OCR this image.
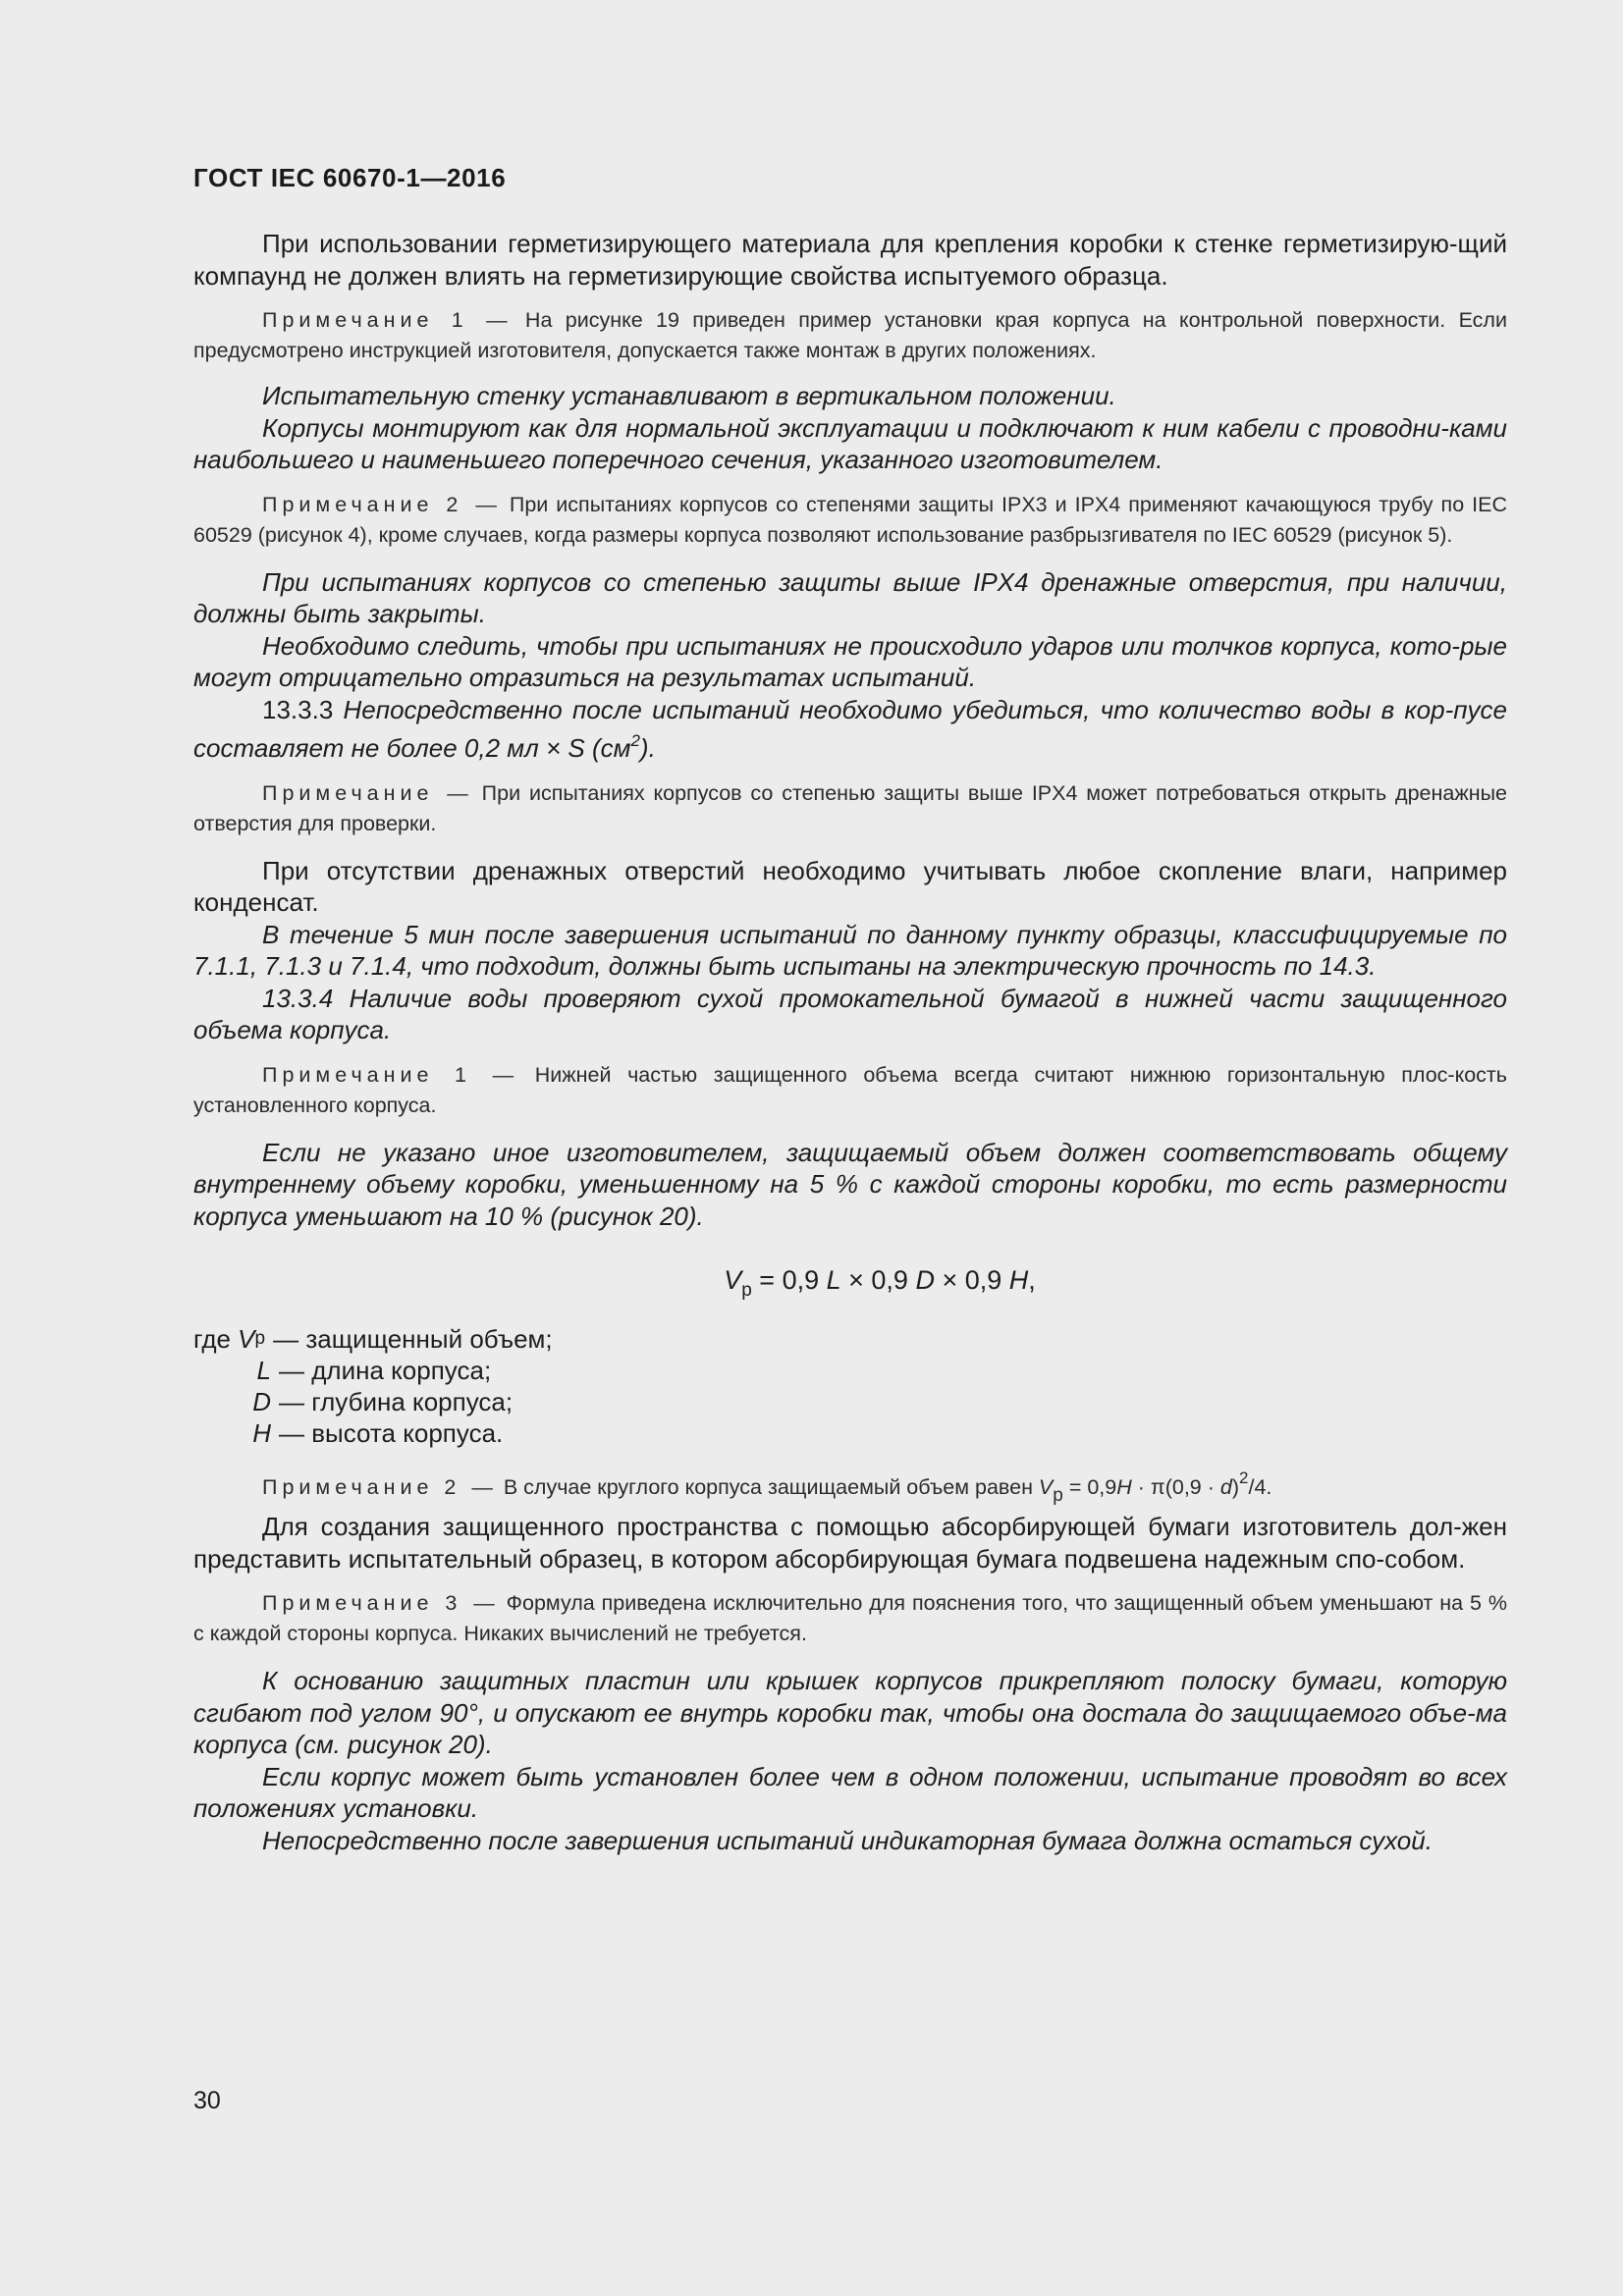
ГОСТ IEC 60670-1—2016

При использовании герметизирующего материала для крепления коробки к стенке герметизирую-щий компаунд не должен влиять на герметизирующие свойства испытуемого образца.

Примечание 1 — На рисунке 19 приведен пример установки края корпуса на контрольной поверхности. Если предусмотрено инструкцией изготовителя, допускается также монтаж в других положениях.

Испытательную стенку устанавливают в вертикальном положении.

Корпусы монтируют как для нормальной эксплуатации и подключают к ним кабели с проводни-ками наибольшего и наименьшего поперечного сечения, указанного изготовителем.

Примечание 2 — При испытаниях корпусов со степенями защиты IPX3 и IPX4 применяют качающуюся трубу по IEC 60529 (рисунок 4), кроме случаев, когда размеры корпуса позволяют использование разбрызгивателя по IEC 60529 (рисунок 5).

При испытаниях корпусов со степенью защиты выше IPX4 дренажные отверстия, при наличии, должны быть закрыты.

Необходимо следить, чтобы при испытаниях не происходило ударов или толчков корпуса, кото-рые могут отрицательно отразиться на результатах испытаний.

13.3.3 Непосредственно после испытаний необходимо убедиться, что количество воды в кор-пусе составляет не более 0,2 мл × S $(см^2)$.

Примечание — При испытаниях корпусов со степенью защиты выше IPX4 может потребоваться открыть дренажные отверстия для проверки.

При отсутствии дренажных отверстий необходимо учитывать любое скопление влаги, например конденсат.

В течение 5 мин после завершения испытаний по данному пункту образцы, классифицируемые по 7.1.1, 7.1.3 и 7.1.4, что подходит, должны быть испытаны на электрическую прочность по 14.3.

13.3.4 Наличие воды проверяют сухой промокательной бумагой в нижней части защищенного объема корпуса.

Примечание 1 — Нижней частью защищенного объема всегда считают нижнюю горизонтальную плос-кость установленного корпуса.

Если не указано иное изготовителем, защищаемый объем должен соответствовать общему внутреннему объему коробки, уменьшенному на 5 % с каждой стороны коробки, то есть размерности корпуса уменьшают на 10 % (рисунок 20).

$V_p = 0,9$ L × 0,9 D × 0,9 H,

где V p — защищенный объем;
L — длина корпуса;
D — глубина корпуса;
H — высота корпуса.

Примечание 2 — В случае круглого корпуса защищаемый объем равен $Vp = 0,9H \cdot \pi(0,9 \cdot d)^2/4$.

Для создания защищенного пространства с помощью абсорбирующей бумаги изготовитель дол-жен представить испытательный образец, в котором абсорбирующая бумага подвешена надежным спо-собом.

Примечание 3 — Формула приведена исключительно для пояснения того, что защищенный объем уменьшают на 5 % с каждой стороны корпуса. Никаких вычислений не требуется.

К основанию защитных пластин или крышек корпусов прикрепляют полоску бумаги, которую сгибают под углом 90°, и опускают ее внутрь коробки так, чтобы она достала до защищаемого объе-ма корпуса (см. рисунок 20).

Если корпус может быть установлен более чем в одном положении, испытание проводят во всех положениях установки.

Непосредственно после завершения испытаний индикаторная бумага должна остаться сухой.

30
